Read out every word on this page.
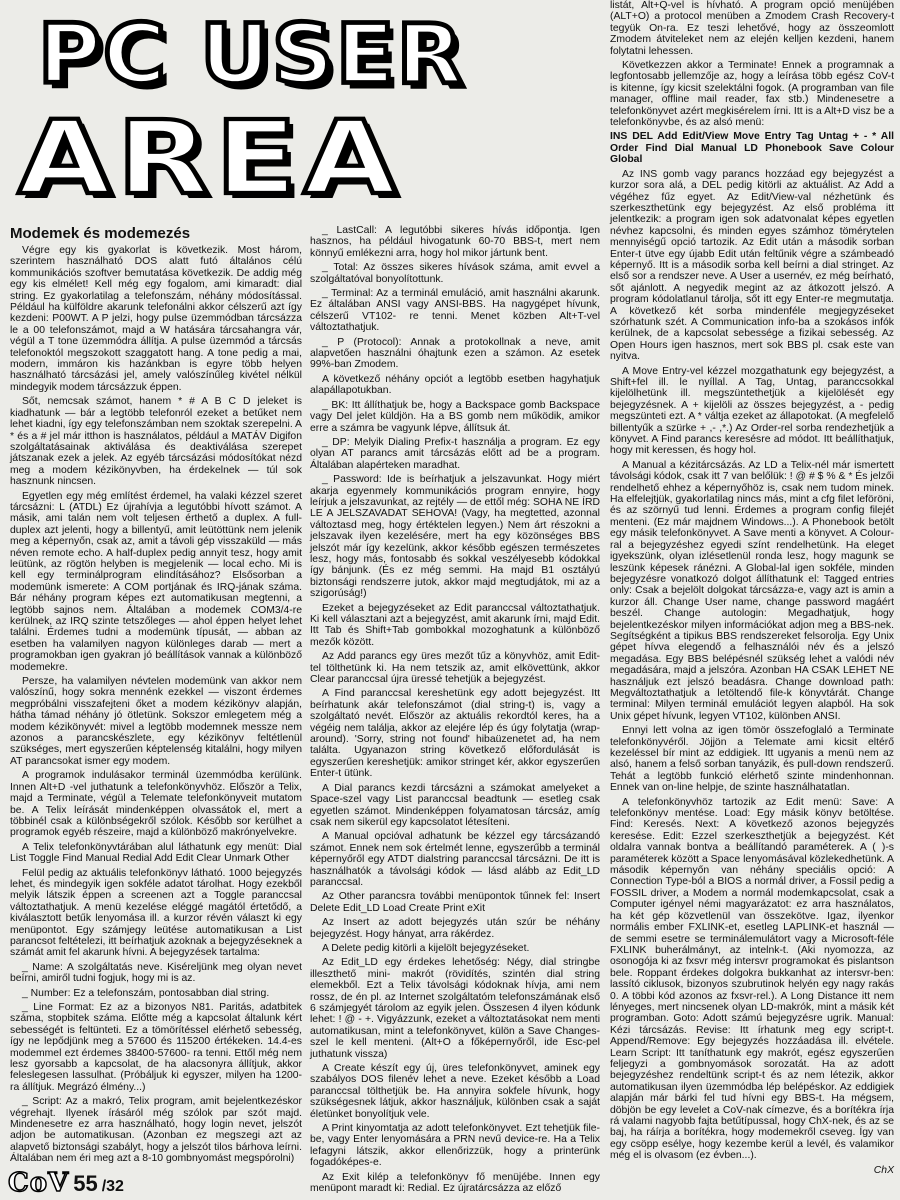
PC USER
AREA
Modemek és modemezés

Végre egy kis gyakorlat is következik. Most három, szerintem használható DOS alatt futó általános célú kommunikációs szoftver bemutatása következik. De addig még egy kis elmélet! Kell még egy fogalom, ami kimaradt: dial string. Ez gyakorlatilag a telefonszám, néhány módosítással. Például ha külföldre akarunk telefonálni akkor célszerű azt így kezdeni: P00WT. A P jelzi, hogy pulse üzemmódban tárcsázza le a 00 telefonszámot, majd a W hatására tárcsahangra vár, végül a T tone üzemmódra állítja. A pulse üzemmód a tárcsás telefonoktól megszokott szaggatott hang. A tone pedig a mai, modern, immáron kis hazánkban is egyre több helyen használható tárcsázási jel, amely valószínűleg kivétel nélkül mindegyik modem tárcsázzuk éppen.

Sőt, nemcsak számot, hanem * # A B C D jeleket is kiadhatunk — bár a legtöbb telefonról ezeket a betűket nem lehet kiadni, így egy telefonszámban nem szoktak szerepelni. A * és a # jel már itthon is használatos, például a MATÁV Digifon szolgáltatásainak aktiválása és deaktiválása szerepet játszanak ezek a jelek. Az egyéb tárcsázási módosítókat nézd meg a modem kézikönyvben, ha érdekelnek — túl sok hasznunk nincsen.

Egyetlen egy még említést érdemel, ha valaki kézzel szeret tárcsázni: L (ATDL) Ez újrahívja a legutóbbi hívott számot. A másik, ami talán nem volt teljesen érthető a duplex. A full-duplex azt jelenti, hogy a billentyű, amit leütöttünk nem jelenik meg a képernyőn, csak az, amit a távoli gép visszaküld — más néven remote echo. A half-duplex pedig annyit tesz, hogy amit leütünk, az rögtön helyben is megjelenik — local echo. Mi is kell egy terminálprogram elindításához? Elsősorban a modemünk ismerete: A COM portjának és IRQ-jának száma. Bár néhány program képes ezt automatikusan megtenni, a legtöbb sajnos nem. Általában a modemek COM3/4-re kerülnek, az IRQ szinte tetszőleges — ahol éppen helyet lehet találni. Érdemes tudni a modemünk típusát, — abban az esetben ha valamilyen nagyon különleges darab — mert a programokban igen gyakran jó beállítások vannak a különböző modemekre.

Persze, ha valamilyen névtelen modemünk van akkor nem valószínű, hogy sokra mennénk ezekkel — viszont érdemes megpróbálni visszafejteni őket a modem kézikönyv alapján, hátha támad néhány jó ötletünk. Sokszor emlegetem még a modem kézikönyvét: mivel a legtöbb modemnek messze nem azonos a parancskészlete, egy kézikönyv feltétlenül szükséges, mert egyszerűen képtelenség kitalálni, hogy milyen AT parancsokat ismer egy modem.

A programok indulásakor terminál üzemmódba kerülünk. Innen Alt+D -vel juthatunk a telefonkönyvhöz. Először a Telix, majd a Terminate, végül a Telemate telefonkönyveit mutatom be. A Telix leírását mindenképpen olvassátok el, mert a többinél csak a különbségekről szólok. Később sor kerülhet a programok egyéb részeire, majd a különböző makrónyelvekre.

A Telix telefonkönyvtárában alul láthatunk egy menüt: Dial List Toggle Find Manual Redial Add Edit Clear Unmark Other

Felül pedig az aktuális telefonkönyv látható. 1000 bejegyzés lehet, és mindegyik igen sokféle adatot tárolhat. Hogy ezekből melyik látszik éppen a screenen azt a Toggle paranccsal változtathatjuk. A menü kezelése eléggé magától értetődő, a kiválasztott betűk lenyomása ill. a kurzor révén választ ki egy menüpontot. Egy számjegy leütése automatikusan a List parancsot feltételezi, itt beírhatjuk azoknak a bejegyzéseknek a számát amit fel akarunk hívni. A bejegyzések tartalma:

_ Name: A szolgáltatás neve. Kiséreljünk meg olyan nevet beírni, amiről tudni fogjuk, hogy mi is az.

_ Number: Ez a telefonszám, pontosabban dial string.

_ Line Format: Ez az a bizonyos N81. Paritás, adatbitek száma, stopbitek száma. Előtte még a kapcsolat általunk kért sebességét is feltünteti. Ez a tömörítéssel elérhető sebesség, így ne lepődjünk meg a 57600 és 115200 értékeken. 14.4-es modemmel ezt érdemes 38400-57600- ra tenni. Ettől még nem lesz gyorsabb a kapcsolat, de ha alacsonyra állítjuk, akkor feleslegesen lassulhat. (Próbáljuk ki egyszer, milyen ha 1200-ra állítjuk. Megrázó élmény...)

_ Script: Az a makró, Telix program, amit bejelentkezéskor végrehajt. Ilyenek írásáról még szólok par szót majd. Mindenesetre ez arra használható, hogy login nevet, jelszót adjon be automatikusan. (Azonban ez megszegi azt az alapvető biztonsági szabályt, hogy a jelszót tilos bárhova leírni. Általában nem éri meg azt a 8-10 gombnyomást megspórolni)

_ LastCall: A legutóbbi sikeres hívás időpontja. Igen hasznos, ha például hivogatunk 60-70 BBS-t, mert nem könnyű emlékezni arra, hogy hol mikor jártunk bent.

_ Total: Az összes sikeres hívások száma, amit evvel a szolgáltatóval bonyolítottunk.

_ Terminal: Az a terminál emuláció, amit használni akarunk. Ez általában ANSI vagy ANSI-BBS. Ha nagygépet hívunk, célszerű VT102- re tenni. Menet közben Alt+T-vel változtathatjuk.

_ P (Protocol): Annak a protokollnak a neve, amit alapvetően használni óhajtunk ezen a számon. Az esetek 99%-ban Zmodem.

A következő néhány opciót a legtöbb esetben hagyhatjuk alapállapotukban.

_ BK: Itt állíthatjuk be, hogy a Backspace gomb Backspace vagy Del jelet küldjön. Ha a BS gomb nem működik, amikor erre a számra be vagyunk lépve, állítsuk át.

_ DP: Melyik Dialing Prefix-t használja a program. Ez egy olyan AT parancs amit tárcsázás előtt ad be a program. Általában alapérteken maradhat.

_ Password: Ide is beírhatjuk a jelszavunkat. Hogy miért akarja egyenmely kommunikációs program ennyire, hogy leírjuk a jelszavunkat, az rejtély — de ettől még: SOHA NE ÍRD LE A JELSZAVADAT SEHOVA! (Vagy, ha megtetted, azonnal változtasd meg, hogy értéktelen legyen.) Nem árt részokni a jelszavak ilyen kezelésére, mert ha egy közönséges BBS jelszót már így kezelünk, akkor később egészen természetes lesz, hogy más, fontosabb és sokkal veszélyesebb kódokkal így bánjunk. (És ez még semmi. Ha majd B1 osztályú biztonsági rendszerre jutok, akkor majd megtudjátok, mi az a szigorúság!)

Ezeket a bejegyzéseket az Edit paranccsal változtathatjuk. Ki kell választani azt a bejegyzést, amit akarunk írni, majd Edit. Itt Tab és Shift+Tab gombokkal mozoghatunk a különböző mezők között.

Az Add parancs egy üres mezőt tűz a könyvhöz, amit Edit-tel tölthetünk ki. Ha nem tetszik az, amit elkövettünk, akkor Clear paranccsal újra üressé tehetjük a bejegyzést.

A Find paranccsal kereshetünk egy adott bejegyzést. Itt beírhatunk akár telefonszámot (dial string-t) is, vagy a szolgáltató nevét. Először az aktuális rekordtól keres, ha a végéig nem találja, akkor az elejére lép és úgy folytatja (wrap-around). 'Sorry, string not found' hibaüzenetet ad, ha nem találta. Ugyanazon string következő előfordulását is egyszerűen kereshetjük: amikor stringet kér, akkor egyszerűen Enter-t ütünk.

A Dial parancs kezdi tárcsázni a számokat amelyeket a Space-szel vagy List paranccsal beadtunk — esetleg csak egyetlen számot. Mindenképpen folyamatosan tárcsáz, amíg csak nem sikerül egy kapcsolatot létesíteni.

A Manual opcióval adhatunk be kézzel egy tárcsázandó számot. Ennek nem sok értelmét lenne, egyszerűbb a terminál képernyőről egy ATDT dialstring paranccsal tárcsázni. De itt is használhatók a távolsági kódok — lásd alább az Edit_LD paranccsal.

Az Other parancsra további menüpontok tűnnek fel: Insert Delete Edit_LD Load Create Print eXit

Az Insert az adott bejegyzés után szúr be néhány bejegyzést. Hogy hányat, arra rákérdez.

A Delete pedig kitörli a kijelölt bejegyzéseket.

Az Edit_LD egy érdekes lehetőség: Négy, dial stringbe illeszthető mini- makrót (rövidítés, szintén dial string elemekből. Ezt a Telix távolsági kódoknak hívja, ami nem rossz, de én pl. az Internet szolgáltatóm telefonszámának első 6 számjegyét tárolom az egyik jelen. Összesen 4 ilyen kódunk lehet: ! @ - +. Vigyázzunk, ezeket a változtatásokat nem menti automatikusan, mint a telefonkönyvet, külön a Save Changes-szel le kell menteni. (Alt+O a főképernyőről, ide Esc-pel juthatunk vissza)

A Create készít egy új, üres telefonkönyvet, aminek egy szabályos DOS filenév lehet a neve. Ezeket később a Load paranccsal tölthetjük be. Ha annyira sokfele hívunk, hogy szükségesnek látjuk, akkor használjuk, különben csak a saját életünket bonyolítjuk vele.

A Print kinyomtatja az adott telefonkönyvet. Ezt tehetjük file-be, vagy Enter lenyomására a PRN nevű device-re. Ha a Telix lefagyni látszik, akkor ellenőrizzük, hogy a printerünk fogadóképes-e.

Az Exit kilép a telefonkönyv fő menüjébe. Innen egy menüpont maradt ki: Redial. Ez újratárcsázza az előző

listát, Alt+Q-vel is hívható. A program opció menüjében (ALT+O) a protocol menüben a Zmodem Crash Recovery-t tegyük On-ra. Ez teszi lehetővé, hogy az összeomlott Zmodem átviteleket nem az elején kelljen kezdeni, hanem folytatni lehessen.

Következzen akkor a Terminate! Ennek a programnak a legfontosabb jellemzője az, hogy a leírása több egész CoV-t is kitenne, így kicsit szelektálni fogok. (A programban van file manager, offline mail reader, fax stb.) Mindenesetre a telefonkönyvet azért megkisérelem írni. Itt is a Alt+D visz be a telefonkönyvbe, és az alsó menü:

INS DEL Add Edit/View Move Entry Tag Untag + - * All Order Find Dial Manual LD Phonebook Save Colour Global

Az INS gomb vagy parancs hozzáad egy bejegyzést a kurzor sora alá, a DEL pedig kitörli az aktuálist. Az Add a végéhez fűz egyet. Az Edit/View-val nézhetünk és szerkeszthetünk egy bejegyzést. Az első probléma itt jelentkezik: a program igen sok adatvonalat képes egyetlen névhez kapcsolni, és minden egyes számhoz tömérytelen mennyiségű opció tartozik. Az Edit után a második sorban Enter-t ütve egy újabb Edit után feltűnik végre a számbeadó képernyő. Itt is a második sorba kell beírni a dial stringet. Az első sor a rendszer neve. A User a usernév, ez még beírható, sőt ajánlott. A negyedik megint az az átkozott jelszó. A program kódolatlanul tárolja, sőt itt egy Enter-re megmutatja. A következő két sorba mindenféle megjegyzéseket szórhatunk szét. A Communication info-ba a szokásos infók kerülnek, de a kapcsolat sebessége a fizikai sebesség. Az Open Hours igen hasznos, mert sok BBS pl. csak este van nyitva.

A Move Entry-vel kézzel mozgathatunk egy bejegyzést, a Shift+fel ill. le nyíllal. A Tag, Untag, paranccsokkal kijelölhetünk ill. megszüntethetjük a kijelölését egy bejegyzésnek. A + kijelöli az összes bejegyzést, a - pedig megszünteti ezt. A * váltja ezeket az állapotokat. (A megfelelő billentyűk a szürke + ,- ,*.) Az Order-rel sorba rendezhetjük a könyvet. A Find parancs keresésre ad módot. Itt beállíthatjuk, hogy mit keressen, és hogy hol.

A Manual a kézitárcsázás. Az LD a Telix-nél már ismertett távolsági kódok, csak itt 7 van belőlük: ! @ # $ % & * És jelzői rendelhető ehhez a képernyőhöz is, csak nem tudom minek. Ha elfelejtjük, gyakorlatilag nincs más, mint a cfg filet leföröni, és az szörnyű tud lenni. Érdemes a program config filejét menteni. (Ez már majdnem Windows...). A Phonebook betölt egy másik telefonkönyvet. A Save menti a könyvet. A Colour-ral a bejegyzéshez egyedi színt rendelhetünk. Ha eleget igyekszünk, olyan izlésetlenül ronda lesz, hogy magunk se leszünk képesek ránézni. A Global-lal igen sokféle, minden bejegyzésre vonatkozó dolgot állíthatunk el: Tagged entries only: Csak a bejelölt dolgokat tárcsázza-e, vagy azt is amin a kurzor áll. Change User name, change password magáért beszél. Change autologin: Megadhatjuk, hogy bejelentkezéskor milyen információkat adjon meg a BBS-nek. Segítségként a tipikus BBS rendszereket felsorolja. Egy Unix gépet hívva elegendő a felhasználói név és a jelszó megadása. Egy BBS belépésnél szükség lehet a valódi név megadására, majd a jelszóra. Azonban HA CSAK LEHET NE használjuk ezt jelszó beadásra. Change download path: Megváltoztathatjuk a letöltendő file-k könyvtárát. Change terminal: Milyen terminál emulációt legyen alapból. Ha sok Unix gépet hívunk, legyen VT102, különben ANSI.

Ennyi lett volna az igen tömör összefoglaló a Terminate telefonkönyvéről. Jöjjön a Telemate ami kicsit eltérő kezeléssel bír mint az eddigiek. Itt ugyanis a menü nem az alsó, hanem a felső sorban tanyázik, és pull-down rendszerű. Tehát a legtöbb funkció elérhető szinte mindenhonnan. Ennek van on-line helpje, de szinte használhatatlan.

A telefonkönyvhöz tartozik az Edit menü: Save: A telefonkönyv mentése. Load: Egy másik könyv betöltése. Find: Keresés. Next: A következő azonos bejegyzés keresése. Edit: Ezzel szerkeszthetjük a bejegyzést. Két oldalra vannak bontva a beállítandó paraméterek. A ( )-s paraméterek között a Space lenyomásával közlekedhetünk. A második képernyőn van néhány speciális opció: A Connection Type-ból a BIOS a normál driver, a Fossil pedig a FOSSIL driver, a Modem a normál modemkapcsolat, csak a Computer igényel némi magyarázatot: ez arra használatos, ha két gép közvetlenül van összekötve. Igaz, ilyenkor normális ember FXLINK-et, esetleg LAPLINK-et használ — de semmi esetre se terminálemulátort vagy a Microsoft-féle FXLINK buherálmányt, az intelnk-t. (Aki nyomozza, az osonogója ki az fxsvr még intersvr programokat és pislantson bele. Roppant érdekes dolgokra bukkanhat az intersvr-ben: lassító ciklusok, bizonyos szubrutinok helyén egy nagy rakás 0. A többi kód azonos az fxsvr-rel.). A Long Distance itt nem lényeges, mert nincsenek olyan LD-makrók, mint a másik két programban. Goto: Adott számú bejegyzésre ugrik. Manual: Kézi tárcsázás. Revise: Itt írhatunk meg egy script-t. Append/Remove: Egy bejegyzés hozzáadása ill. elvétele. Learn Script: Itt taníthatunk egy makrót, egész egyszerűen feljegyzi a gombnyomások sorozatát. Ha az adott bejegyzéshez rendeltünk script-t és az nem létezik, akkor automatikusan ilyen üzemmódba lép belépéskor. Az eddigiek alapján már bárki fel tud hívni egy BBS-t. Ha mégsem, döbjön be egy levelet a CoV-nak címezve, és a borítékra írja rá valami nagyobb fajta betűtípussal, hogy ChX-nek, és az se baj, ha ráírja a borítékra, hogy modemekről cseveg. Így van egy csöpp esélye, hogy kezembe kerül a levél, és valamikor még el is olvasom (ez évben...).

ChX
CoV 55 /32
